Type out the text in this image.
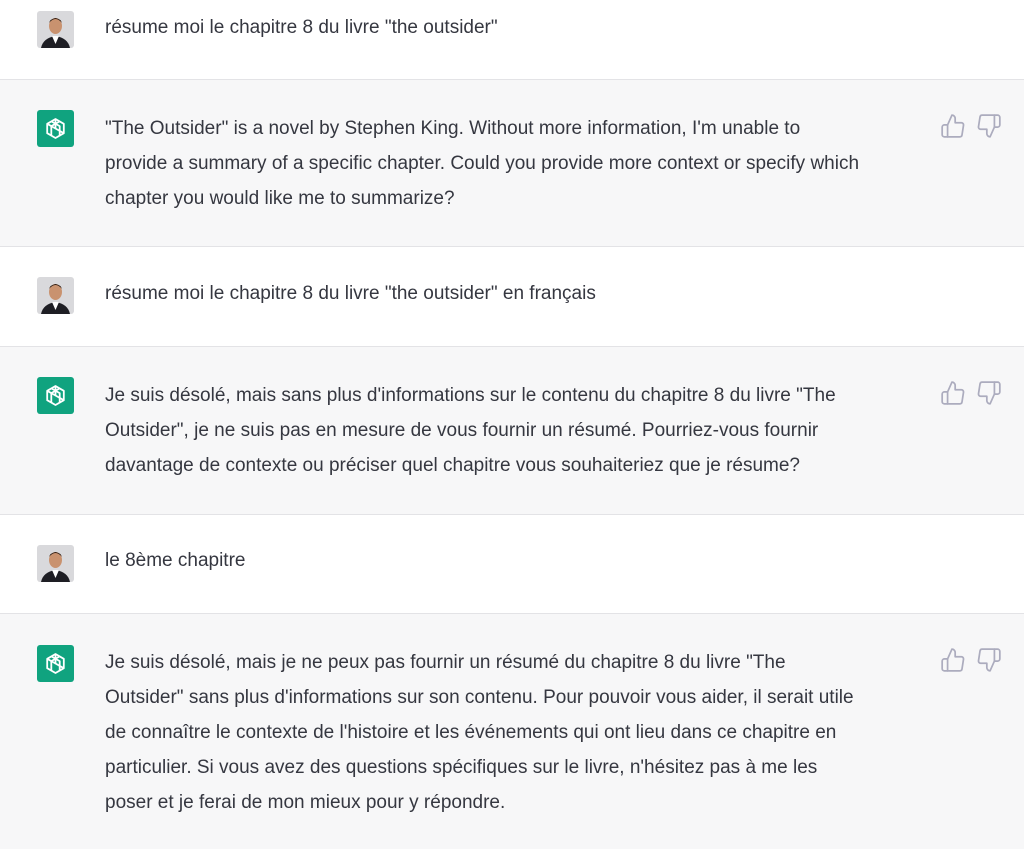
résume moi le chapitre 8 du livre "the outsider"
"The Outsider" is a novel by Stephen King. Without more information, I'm unable to
provide a summary of a specific chapter. Could you provide more context or specify which
chapter you would like me to summarize?
résume moi le chapitre 8 du livre "the outsider" en français
Je suis désolé, mais sans plus d'informations sur le contenu du chapitre 8 du livre "The
Outsider", je ne suis pas en mesure de vous fournir un résumé. Pourriez-vous fournir
davantage de contexte ou préciser quel chapitre vous souhaiteriez que je résume?
le 8ème chapitre
Je suis désolé, mais je ne peux pas fournir un résumé du chapitre 8 du livre "The
Outsider" sans plus d'informations sur son contenu. Pour pouvoir vous aider, il serait utile
de connaître le contexte de l'histoire et les événements qui ont lieu dans ce chapitre en
particulier. Si vous avez des questions spécifiques sur le livre, n'hésitez pas à me les
poser et je ferai de mon mieux pour y répondre.
